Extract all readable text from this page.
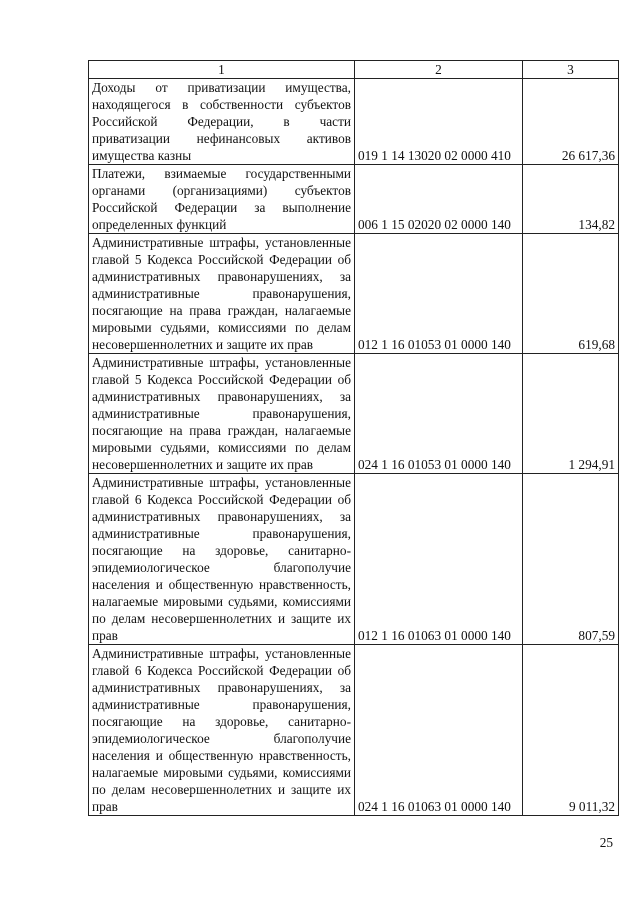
1	2	3
Доходы от приватизации имущества, находящегося в собственности субъектов Российской Федерации, в части приватизации нефинансовых активов имущества казны	019 1 14 13020 02 0000 410	26 617,36
Платежи, взимаемые государственными органами (организациями) субъектов Российской Федерации за выполнение определенных функций	006 1 15 02020 02 0000 140	134,82
Административные штрафы, установленные главой 5 Кодекса Российской Федерации об административных правонарушениях, за административные правонарушения, посягающие на права граждан, налагаемые мировыми судьями, комиссиями по делам несовершеннолетних и защите их прав	012 1 16 01053 01 0000 140	619,68
Административные штрафы, установленные главой 5 Кодекса Российской Федерации об административных правонарушениях, за административные правонарушения, посягающие на права граждан, налагаемые мировыми судьями, комиссиями по делам несовершеннолетних и защите их прав	024 1 16 01053 01 0000 140	1 294,91
Административные штрафы, установленные главой 6 Кодекса Российской Федерации об административных правонарушениях, за административные правонарушения, посягающие на здоровье, санитарно-эпидемиологическое благополучие населения и общественную нравственность, налагаемые мировыми судьями, комиссиями по делам несовершеннолетних и защите их прав	012 1 16 01063 01 0000 140	807,59
Административные штрафы, установленные главой 6 Кодекса Российской Федерации об административных правонарушениях, за административные правонарушения, посягающие на здоровье, санитарно-эпидемиологическое благополучие населения и общественную нравственность, налагаемые мировыми судьями, комиссиями по делам несовершеннолетних и защите их прав	024 1 16 01063 01 0000 140	9 011,32
25
